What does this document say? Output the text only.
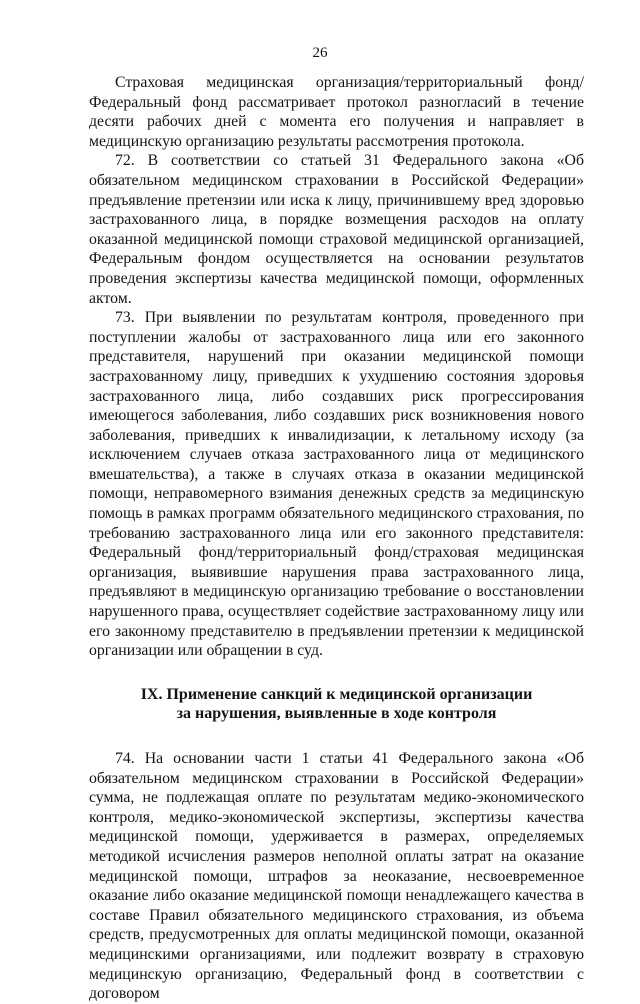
26

Страховая медицинская организация/территориальный фонд/Федеральный фонд рассматривает протокол разногласий в течение десяти рабочих дней с момента его получения и направляет в медицинскую организацию результаты рассмотрения протокола.

72. В соответствии со статьей 31 Федерального закона «Об обязательном медицинском страховании в Российской Федерации» предъявление претензии или иска к лицу, причинившему вред здоровью застрахованного лица, в порядке возмещения расходов на оплату оказанной медицинской помощи страховой медицинской организацией, Федеральным фондом осуществляется на основании результатов проведения экспертизы качества медицинской помощи, оформленных актом.

73. При выявлении по результатам контроля, проведенного при поступлении жалобы от застрахованного лица или его законного представителя, нарушений при оказании медицинской помощи застрахованному лицу, приведших к ухудшению состояния здоровья застрахованного лица, либо создавших риск прогрессирования имеющегося заболевания, либо создавших риск возникновения нового заболевания, приведших к инвалидизации, к летальному исходу (за исключением случаев отказа застрахованного лица от медицинского вмешательства), а также в случаях отказа в оказании медицинской помощи, неправомерного взимания денежных средств за медицинскую помощь в рамках программ обязательного медицинского страхования, по требованию застрахованного лица или его законного представителя: Федеральный фонд/территориальный фонд/страховая медицинская организация, выявившие нарушения права застрахованного лица, предъявляют в медицинскую организацию требование о восстановлении нарушенного права, осуществляет содействие застрахованному лицу или его законному представителю в предъявлении претензии к медицинской организации или обращении в суд.

IX. Применение санкций к медицинской организации
за нарушения, выявленные в ходе контроля

74. На основании части 1 статьи 41 Федерального закона «Об обязательном медицинском страховании в Российской Федерации» сумма, не подлежащая оплате по результатам медико-экономического контроля, медико-экономической экспертизы, экспертизы качества медицинской помощи, удерживается в размерах, определяемых методикой исчисления размеров неполной оплаты затрат на оказание медицинской помощи, штрафов за неоказание, несвоевременное оказание либо оказание медицинской помощи ненадлежащего качества в составе Правил обязательного медицинского страхования, из объема средств, предусмотренных для оплаты медицинской помощи, оказанной медицинскими организациями, или подлежит возврату в страховую медицинскую организацию, Федеральный фонд в соответствии с договором
